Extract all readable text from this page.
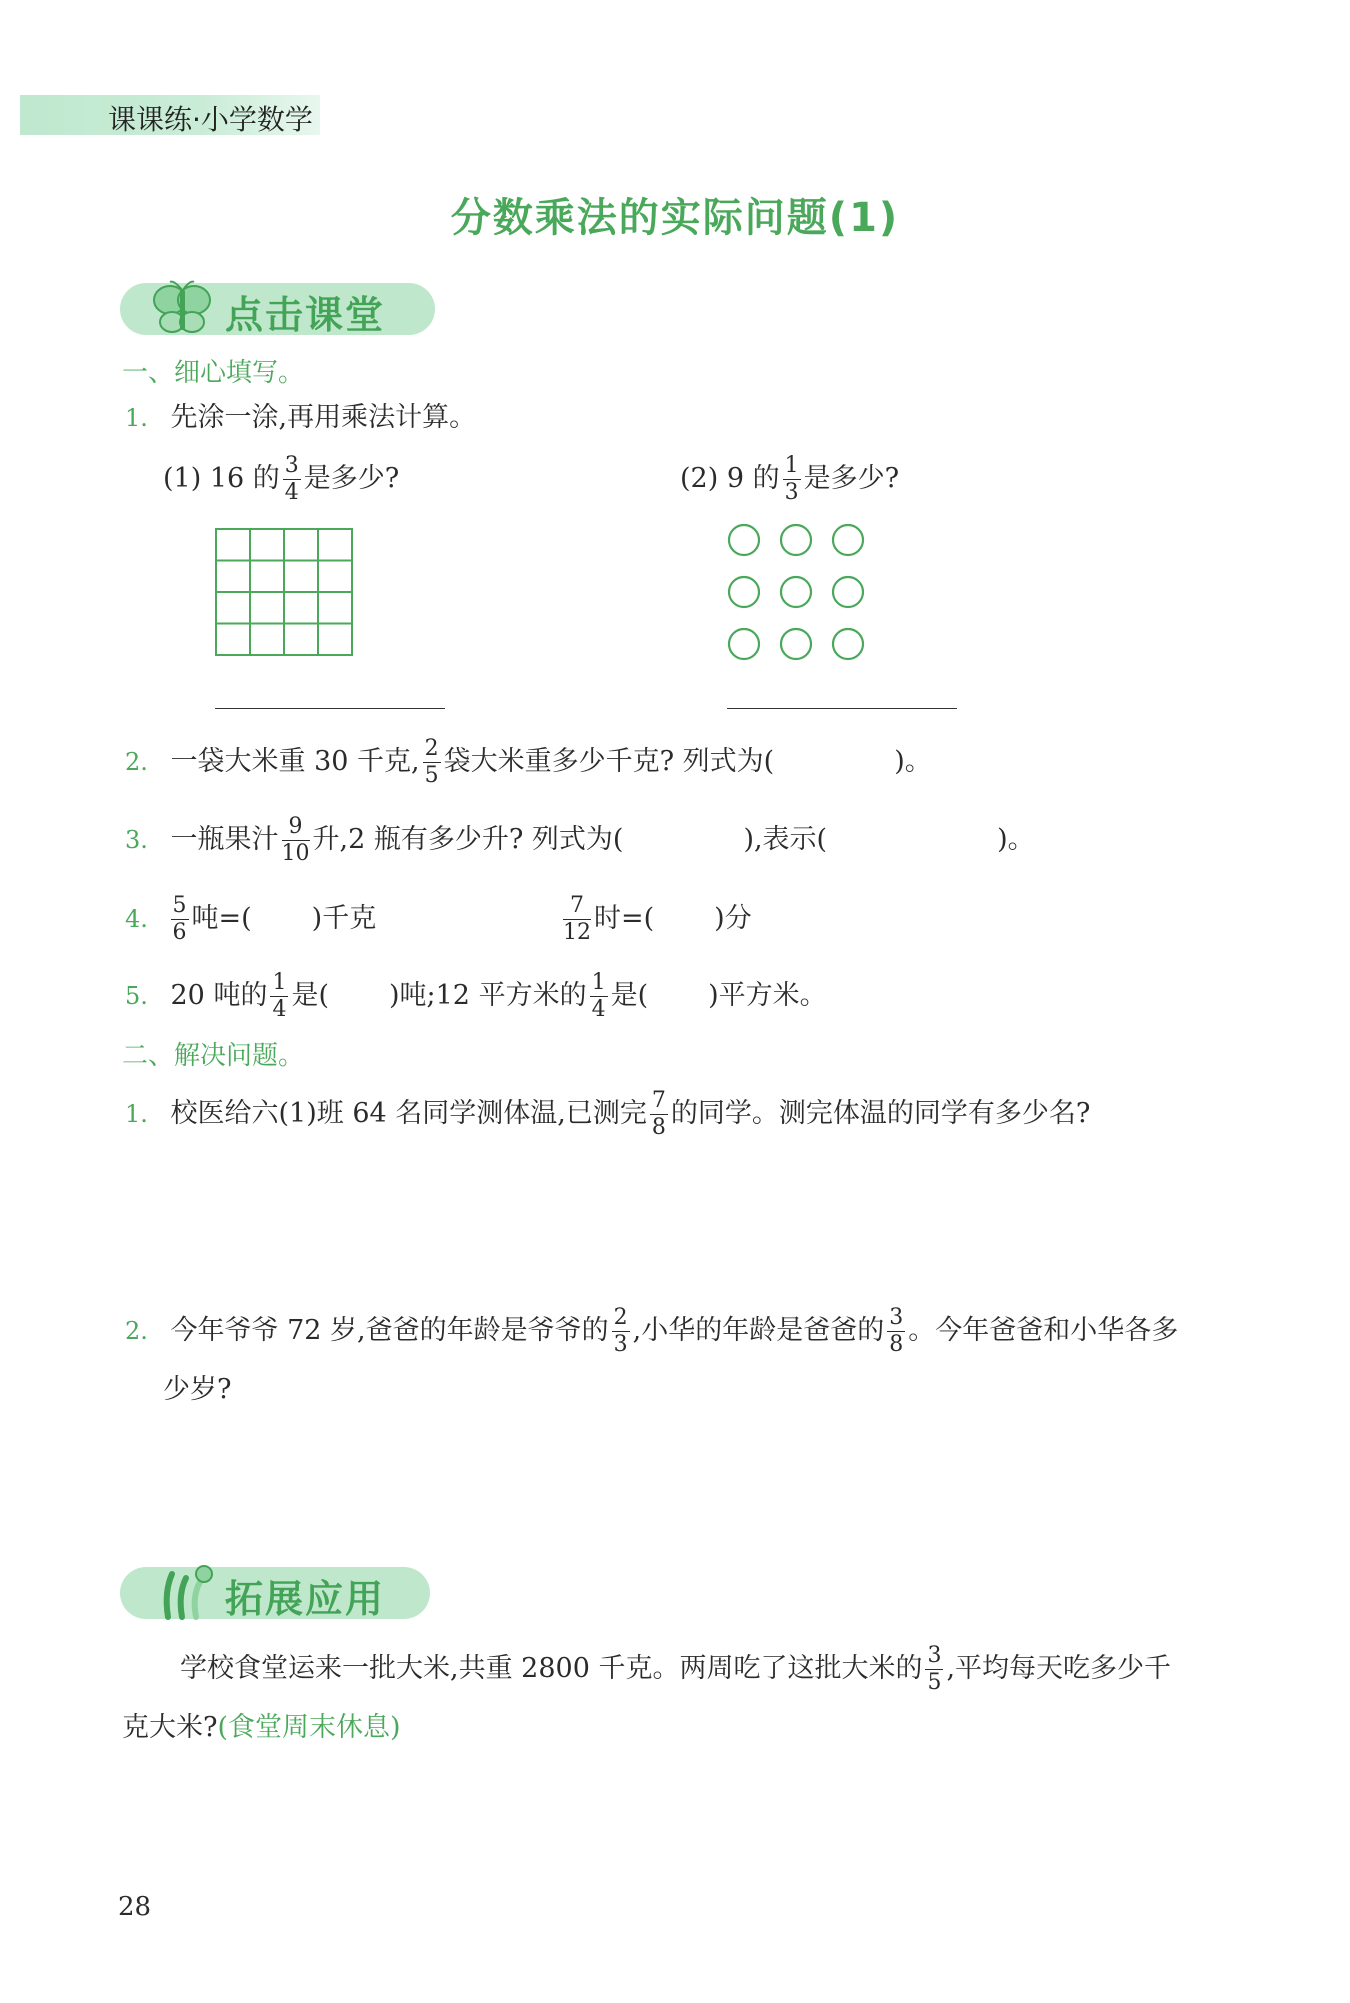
课课练·小学数学
分数乘法的实际问题(1)
点击课堂
一、细心填写。
1. 先涂一涂,再用乘法计算。
(1) 16 的 $\frac{3}{4}$ 是多少?	(2) 9 的 $\frac{1}{3}$ 是多少?
2. 一袋大米重 30 千克, $\frac{2}{5}$ 袋大米重多少千克? 列式为(	)。
3. 一瓶果汁 $\frac{9}{10}$ 升,2 瓶有多少升? 列式为(	),表示(	)。
4. $\frac{5}{6}$ 吨=( )千克	$\frac{7}{12}$ 时=( )分
5. 20 吨的 $\frac{1}{4}$ 是( )吨;12 平方米的 $\frac{1}{4}$ 是( )平方米。
二、解决问题。
1. 校医给六(1)班 64 名同学测体温,已测完 $\frac{7}{8}$ 的同学。测完体温的同学有多少名?
2. 今年爷爷 72 岁,爸爸的年龄是爷爷的 $\frac{2}{3}$ ,小华的年龄是爸爸的 $\frac{3}{8}$ 。今年爸爸和小华各多
少岁?
拓展应用
学校食堂运来一批大米,共重 2800 千克。两周吃了这批大米的 $\frac{3}{5}$ ,平均每天吃多少千
克大米?(食堂周末休息)
28
